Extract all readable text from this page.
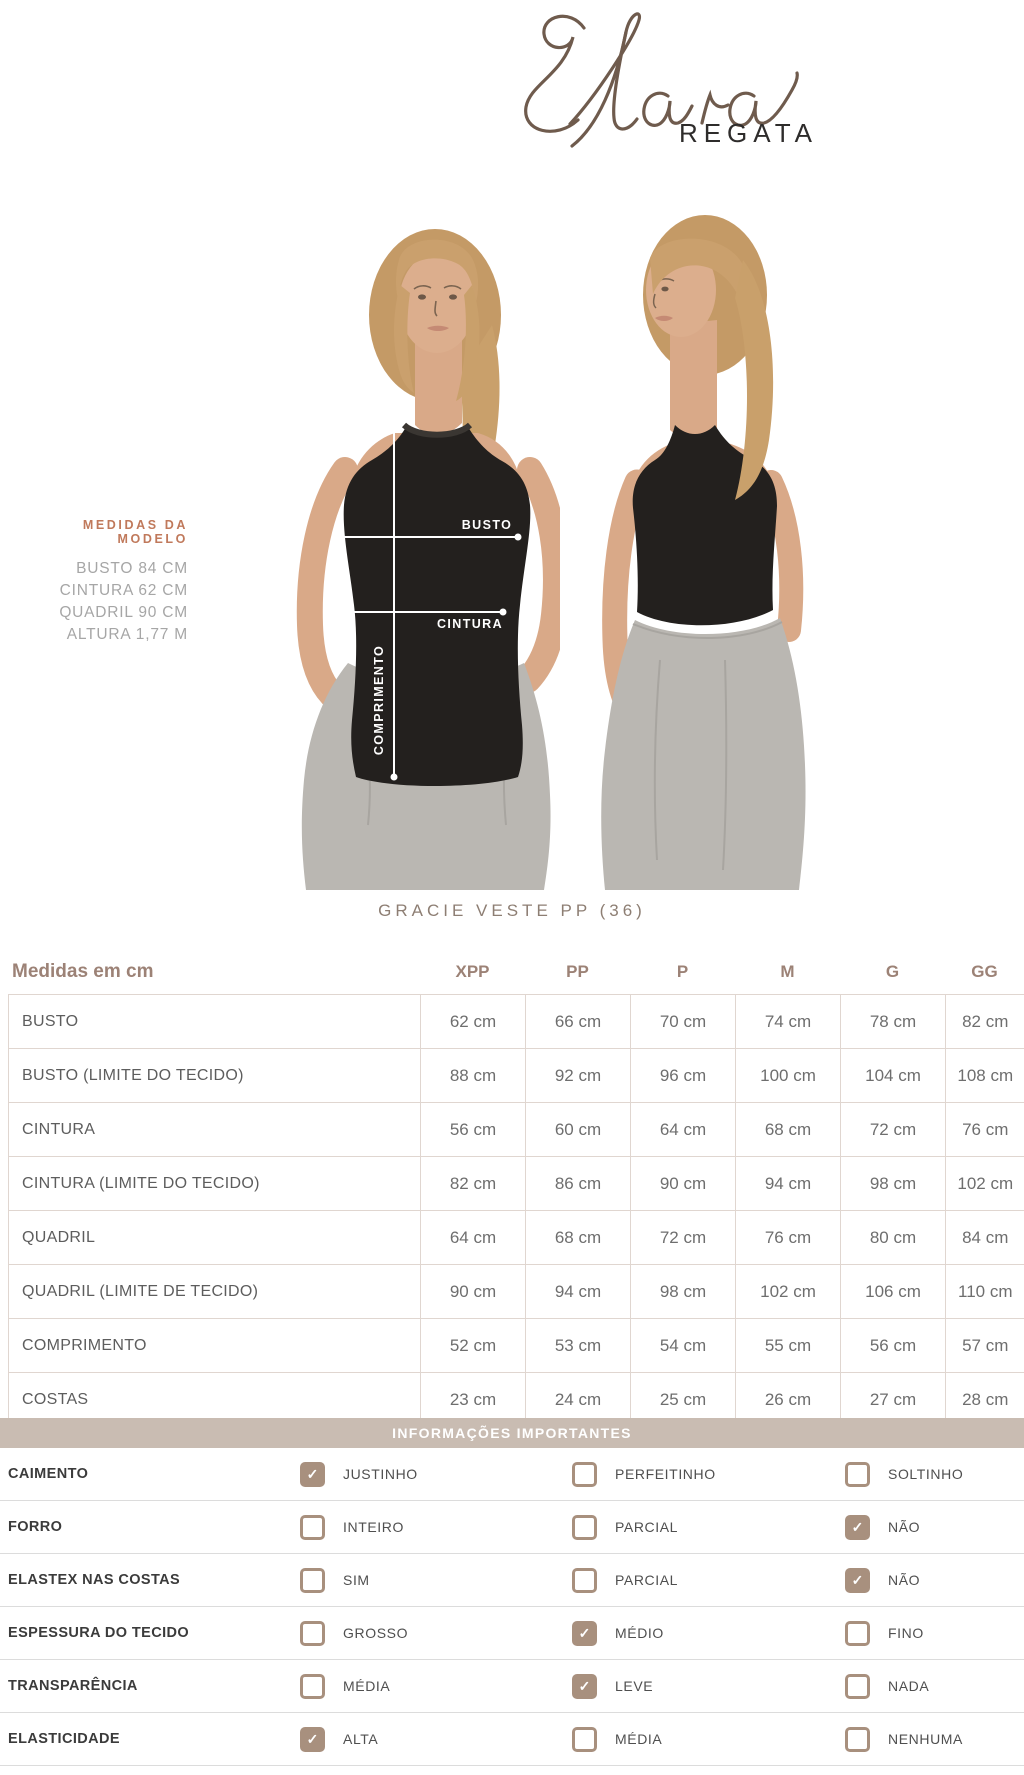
REGATA
MEDIDAS DA MODELO
BUSTO 84 CM
CINTURA 62 CM
QUADRIL 90 CM
ALTURA 1,77 M
BUSTO
CINTURA
COMPRIMENTO
GRACIE VESTE PP (36)
Medidas em cm	XPP	PP	P	M	G	GG
BUSTO	62 cm	66 cm	70 cm	74 cm	78 cm	82 cm
BUSTO (LIMITE DO TECIDO)	88 cm	92 cm	96 cm	100 cm	104 cm	108 cm
CINTURA	56 cm	60 cm	64 cm	68 cm	72 cm	76 cm
CINTURA (LIMITE DO TECIDO)	82 cm	86 cm	90 cm	94 cm	98 cm	102 cm
QUADRIL	64 cm	68 cm	72 cm	76 cm	80 cm	84 cm
QUADRIL (LIMITE DE TECIDO)	90 cm	94 cm	98 cm	102 cm	106 cm	110 cm
COMPRIMENTO	52 cm	53 cm	54 cm	55 cm	56 cm	57 cm
COSTAS	23 cm	24 cm	25 cm	26 cm	27 cm	28 cm
INFORMAÇÕES IMPORTANTES
CAIMENTO	✓	JUSTINHO	PERFEITINHO	SOLTINHO
FORRO	INTEIRO	PARCIAL	✓	NÃO
ELASTEX NAS COSTAS	SIM	PARCIAL	✓	NÃO
ESPESSURA DO TECIDO	GROSSO	✓	MÉDIO	FINO
TRANSPARÊNCIA	MÉDIA	✓	LEVE	NADA
ELASTICIDADE	✓	ALTA	MÉDIA	NENHUMA
